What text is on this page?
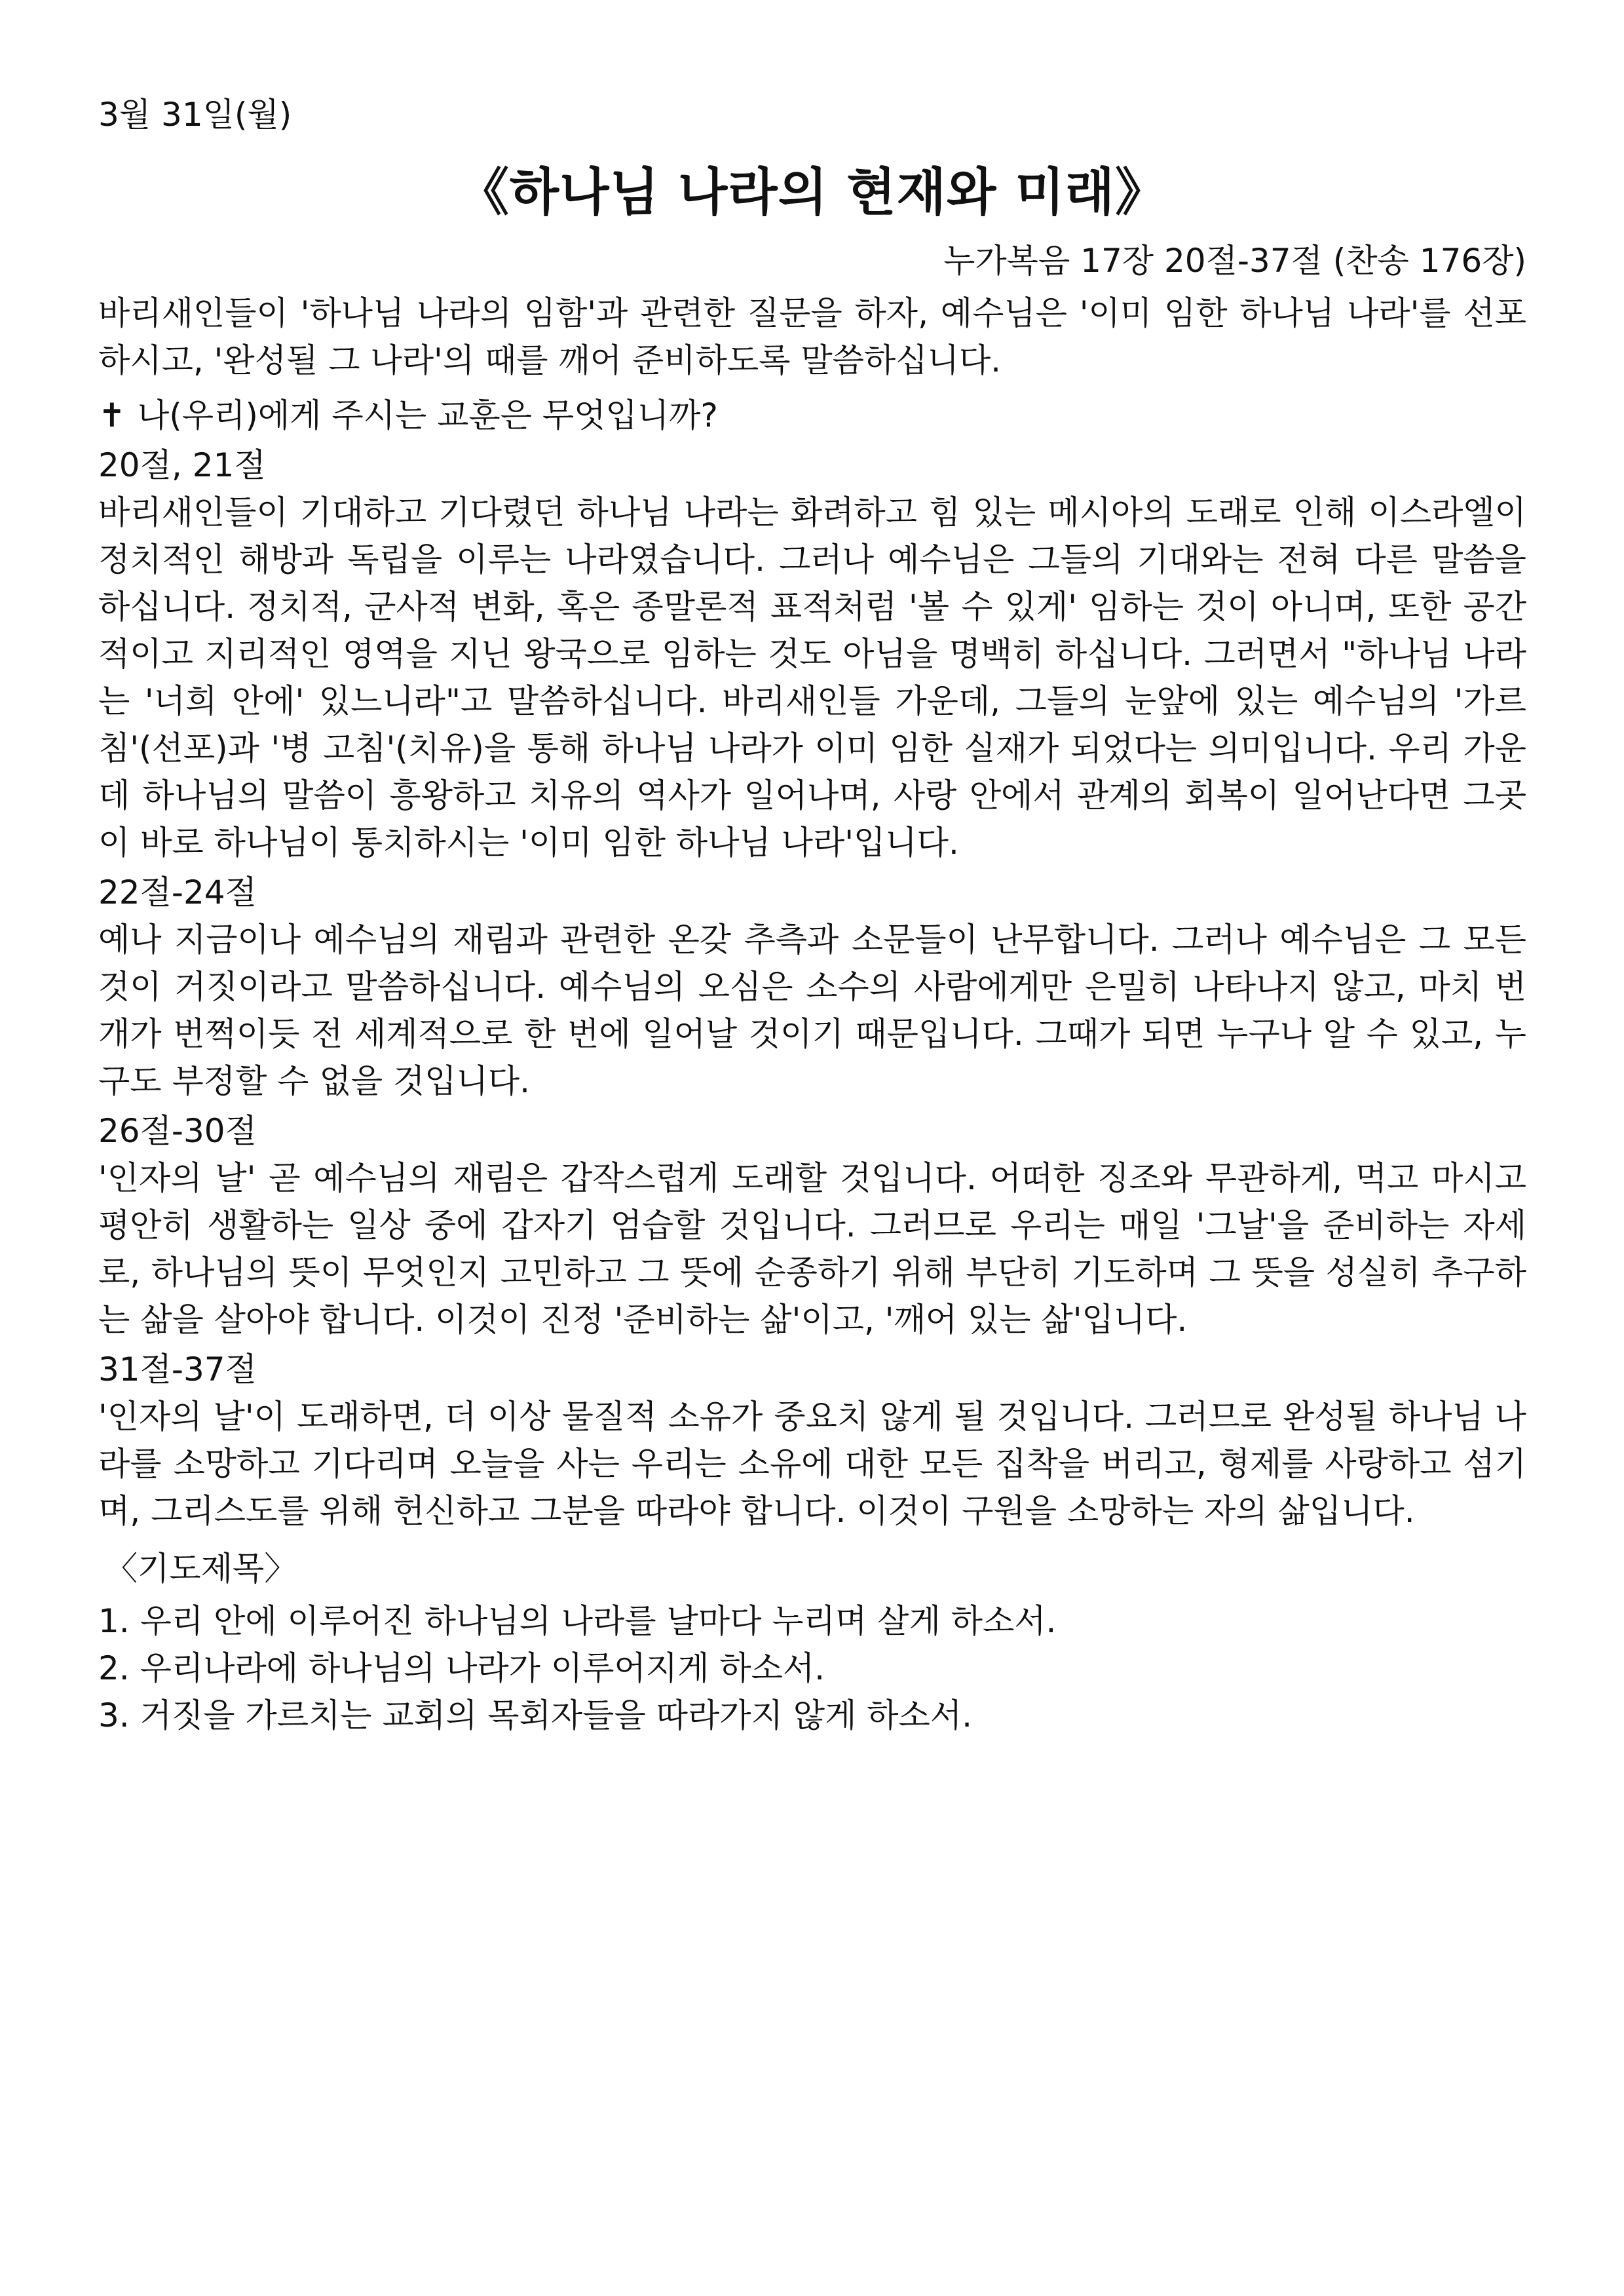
3월 31일(월)

《하나님 나라의 현재와 미래》

누가복음 17장 20절-37절 (찬송 176장)

바리새인들이 '하나님 나라의 임함'과 관련한 질문을 하자, 예수님은 '이미 임한 하나님 나라'를 선포하시고, '완성될 그 나라'의 때를 깨어 준비하도록 말씀하십니다.

✝ 나(우리)에게 주시는 교훈은 무엇입니까?

20절, 21절

바리새인들이 기대하고 기다렸던 하나님 나라는 화려하고 힘 있는 메시아의 도래로 인해 이스라엘이 정치적인 해방과 독립을 이루는 나라였습니다. 그러나 예수님은 그들의 기대와는 전혀 다른 말씀을 하십니다. 정치적, 군사적 변화, 혹은 종말론적 표적처럼 '볼 수 있게' 임하는 것이 아니며, 또한 공간적이고 지리적인 영역을 지닌 왕국으로 임하는 것도 아님을 명백히 하십니다. 그러면서 "하나님 나라는 '너희 안에' 있느니라"고 말씀하십니다. 바리새인들 가운데, 그들의 눈앞에 있는 예수님의 '가르침'(선포)과 '병 고침'(치유)을 통해 하나님 나라가 이미 임한 실재가 되었다는 의미입니다. 우리 가운데 하나님의 말씀이 흥왕하고 치유의 역사가 일어나며, 사랑 안에서 관계의 회복이 일어난다면 그곳이 바로 하나님이 통치하시는 '이미 임한 하나님 나라'입니다.

22절-24절

예나 지금이나 예수님의 재림과 관련한 온갖 추측과 소문들이 난무합니다. 그러나 예수님은 그 모든 것이 거짓이라고 말씀하십니다. 예수님의 오심은 소수의 사람에게만 은밀히 나타나지 않고, 마치 번개가 번쩍이듯 전 세계적으로 한 번에 일어날 것이기 때문입니다. 그때가 되면 누구나 알 수 있고, 누구도 부정할 수 없을 것입니다.

26절-30절

'인자의 날' 곧 예수님의 재림은 갑작스럽게 도래할 것입니다. 어떠한 징조와 무관하게, 먹고 마시고 평안히 생활하는 일상 중에 갑자기 엄습할 것입니다. 그러므로 우리는 매일 '그날'을 준비하는 자세로, 하나님의 뜻이 무엇인지 고민하고 그 뜻에 순종하기 위해 부단히 기도하며 그 뜻을 성실히 추구하는 삶을 살아야 합니다. 이것이 진정 '준비하는 삶'이고, '깨어 있는 삶'입니다.

31절-37절

'인자의 날'이 도래하면, 더 이상 물질적 소유가 중요치 않게 될 것입니다. 그러므로 완성될 하나님 나라를 소망하고 기다리며 오늘을 사는 우리는 소유에 대한 모든 집착을 버리고, 형제를 사랑하고 섬기며, 그리스도를 위해 헌신하고 그분을 따라야 합니다. 이것이 구원을 소망하는 자의 삶입니다.

〈기도제목〉

1. 우리 안에 이루어진 하나님의 나라를 날마다 누리며 살게 하소서.
2. 우리나라에 하나님의 나라가 이루어지게 하소서.
3. 거짓을 가르치는 교회의 목회자들을 따라가지 않게 하소서.
